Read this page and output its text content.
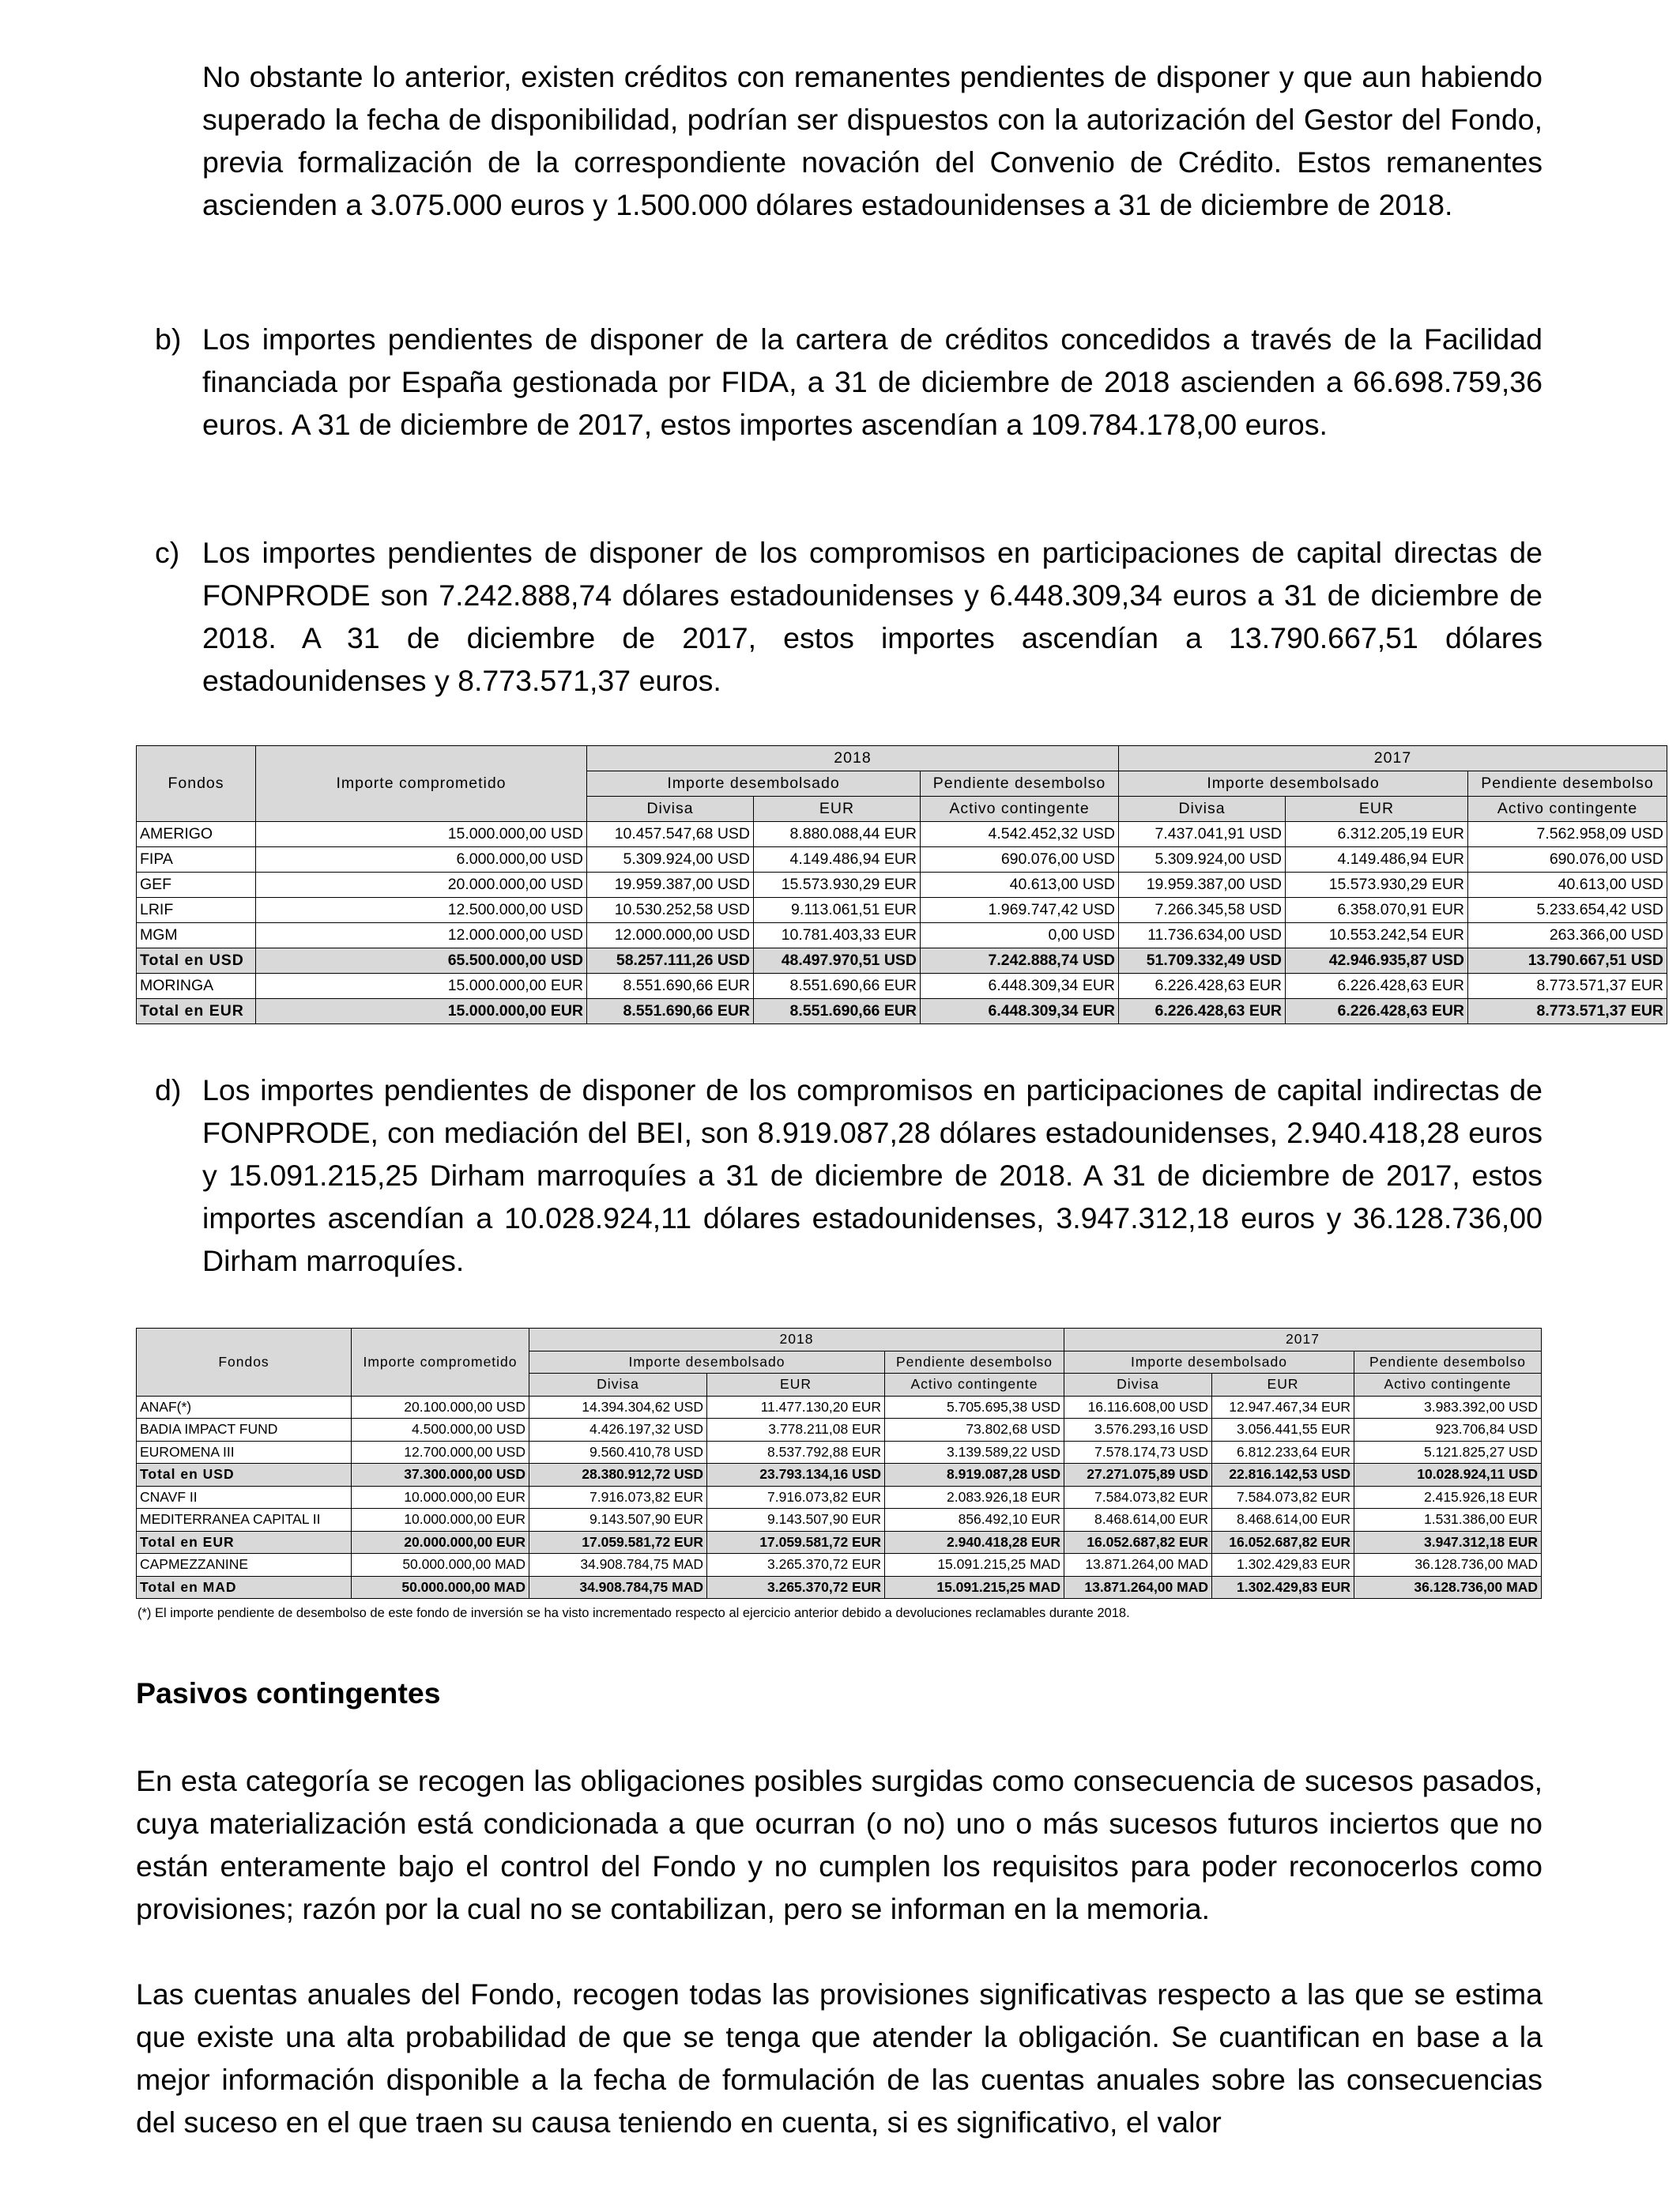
No obstante lo anterior, existen créditos con remanentes pendientes de disponer y que aun habiendo superado la fecha de disponibilidad, podrían ser dispuestos con la autorización del Gestor del Fondo, previa formalización de la correspondiente novación del Convenio de Crédito. Estos remanentes ascienden a 3.075.000 euros y 1.500.000 dólares estadounidenses a 31 de diciembre de 2018.

b) Los importes pendientes de disponer de la cartera de créditos concedidos a través de la Facilidad financiada por España gestionada por FIDA, a 31 de diciembre de 2018 ascienden a 66.698.759,36 euros. A 31 de diciembre de 2017, estos importes ascendían a 109.784.178,00 euros.

c) Los importes pendientes de disponer de los compromisos en participaciones de capital directas de FONPRODE son 7.242.888,74 dólares estadounidenses y 6.448.309,34 euros a 31 de diciembre de 2018. A 31 de diciembre de 2017, estos importes ascendían a 13.790.667,51 dólares estadounidenses y 8.773.571,37 euros.

Fondos	Importe comprometido	2018			2017		
		Importe desembolsado		Pendiente desembolso	Importe desembolsado		Pendiente desembolso
		Divisa	EUR	Activo contingente	Divisa	EUR	Activo contingente
AMERIGO	15.000.000,00 USD	10.457.547,68 USD	8.880.088,44 EUR	4.542.452,32 USD	7.437.041,91 USD	6.312.205,19 EUR	7.562.958,09 USD
FIPA	6.000.000,00 USD	5.309.924,00 USD	4.149.486,94 EUR	690.076,00 USD	5.309.924,00 USD	4.149.486,94 EUR	690.076,00 USD
GEF	20.000.000,00 USD	19.959.387,00 USD	15.573.930,29 EUR	40.613,00 USD	19.959.387,00 USD	15.573.930,29 EUR	40.613,00 USD
LRIF	12.500.000,00 USD	10.530.252,58 USD	9.113.061,51 EUR	1.969.747,42 USD	7.266.345,58 USD	6.358.070,91 EUR	5.233.654,42 USD
MGM	12.000.000,00 USD	12.000.000,00 USD	10.781.403,33 EUR	0,00 USD	11.736.634,00 USD	10.553.242,54 EUR	263.366,00 USD
Total en USD	65.500.000,00 USD	58.257.111,26 USD	48.497.970,51 USD	7.242.888,74 USD	51.709.332,49 USD	42.946.935,87 USD	13.790.667,51 USD
MORINGA	15.000.000,00 EUR	8.551.690,66 EUR	8.551.690,66 EUR	6.448.309,34 EUR	6.226.428,63 EUR	6.226.428,63 EUR	8.773.571,37 EUR
Total en EUR	15.000.000,00 EUR	8.551.690,66 EUR	8.551.690,66 EUR	6.448.309,34 EUR	6.226.428,63 EUR	6.226.428,63 EUR	8.773.571,37 EUR
d) Los importes pendientes de disponer de los compromisos en participaciones de capital indirectas de FONPRODE, con mediación del BEI, son 8.919.087,28 dólares estadounidenses, 2.940.418,28 euros y 15.091.215,25 Dirham marroquíes a 31 de diciembre de 2018. A 31 de diciembre de 2017, estos importes ascendían a 10.028.924,11 dólares estadounidenses, 3.947.312,18 euros y 36.128.736,00 Dirham marroquíes.

Fondos	Importe comprometido	2018			2017		
		Importe desembolsado		Pendiente desembolso	Importe desembolsado		Pendiente desembolso
		Divisa	EUR	Activo contingente	Divisa	EUR	Activo contingente
ANAF(*)	20.100.000,00 USD	14.394.304,62 USD	11.477.130,20 EUR	5.705.695,38 USD	16.116.608,00 USD	12.947.467,34 EUR	3.983.392,00 USD
BADIA IMPACT FUND	4.500.000,00 USD	4.426.197,32 USD	3.778.211,08 EUR	73.802,68 USD	3.576.293,16 USD	3.056.441,55 EUR	923.706,84 USD
EUROMENA III	12.700.000,00 USD	9.560.410,78 USD	8.537.792,88 EUR	3.139.589,22 USD	7.578.174,73 USD	6.812.233,64 EUR	5.121.825,27 USD
Total en USD	37.300.000,00 USD	28.380.912,72 USD	23.793.134,16 USD	8.919.087,28 USD	27.271.075,89 USD	22.816.142,53 USD	10.028.924,11 USD
CNAVF II	10.000.000,00 EUR	7.916.073,82 EUR	7.916.073,82 EUR	2.083.926,18 EUR	7.584.073,82 EUR	7.584.073,82 EUR	2.415.926,18 EUR
MEDITERRANEA CAPITAL II	10.000.000,00 EUR	9.143.507,90 EUR	9.143.507,90 EUR	856.492,10 EUR	8.468.614,00 EUR	8.468.614,00 EUR	1.531.386,00 EUR
Total en EUR	20.000.000,00 EUR	17.059.581,72 EUR	17.059.581,72 EUR	2.940.418,28 EUR	16.052.687,82 EUR	16.052.687,82 EUR	3.947.312,18 EUR
CAPMEZZANINE	50.000.000,00 MAD	34.908.784,75 MAD	3.265.370,72 EUR	15.091.215,25 MAD	13.871.264,00 MAD	1.302.429,83 EUR	36.128.736,00 MAD
Total en MAD	50.000.000,00 MAD	34.908.784,75 MAD	3.265.370,72 EUR	15.091.215,25 MAD	13.871.264,00 MAD	1.302.429,83 EUR	36.128.736,00 MAD
(*) El importe pendiente de desembolso de este fondo de inversión se ha visto incrementado respecto al ejercicio anterior debido a devoluciones reclamables durante 2018.
Pasivos contingentes

En esta categoría se recogen las obligaciones posibles surgidas como consecuencia de sucesos pasados, cuya materialización está condicionada a que ocurran (o no) uno o más sucesos futuros inciertos que no están enteramente bajo el control del Fondo y no cumplen los requisitos para poder reconocerlos como provisiones; razón por la cual no se contabilizan, pero se informan en la memoria.

Las cuentas anuales del Fondo, recogen todas las provisiones significativas respecto a las que se estima que existe una alta probabilidad de que se tenga que atender la obligación. Se cuantifican en base a la mejor información disponible a la fecha de formulación de las cuentas anuales sobre las consecuencias del suceso en el que traen su causa teniendo en cuenta, si es significativo, el valor
